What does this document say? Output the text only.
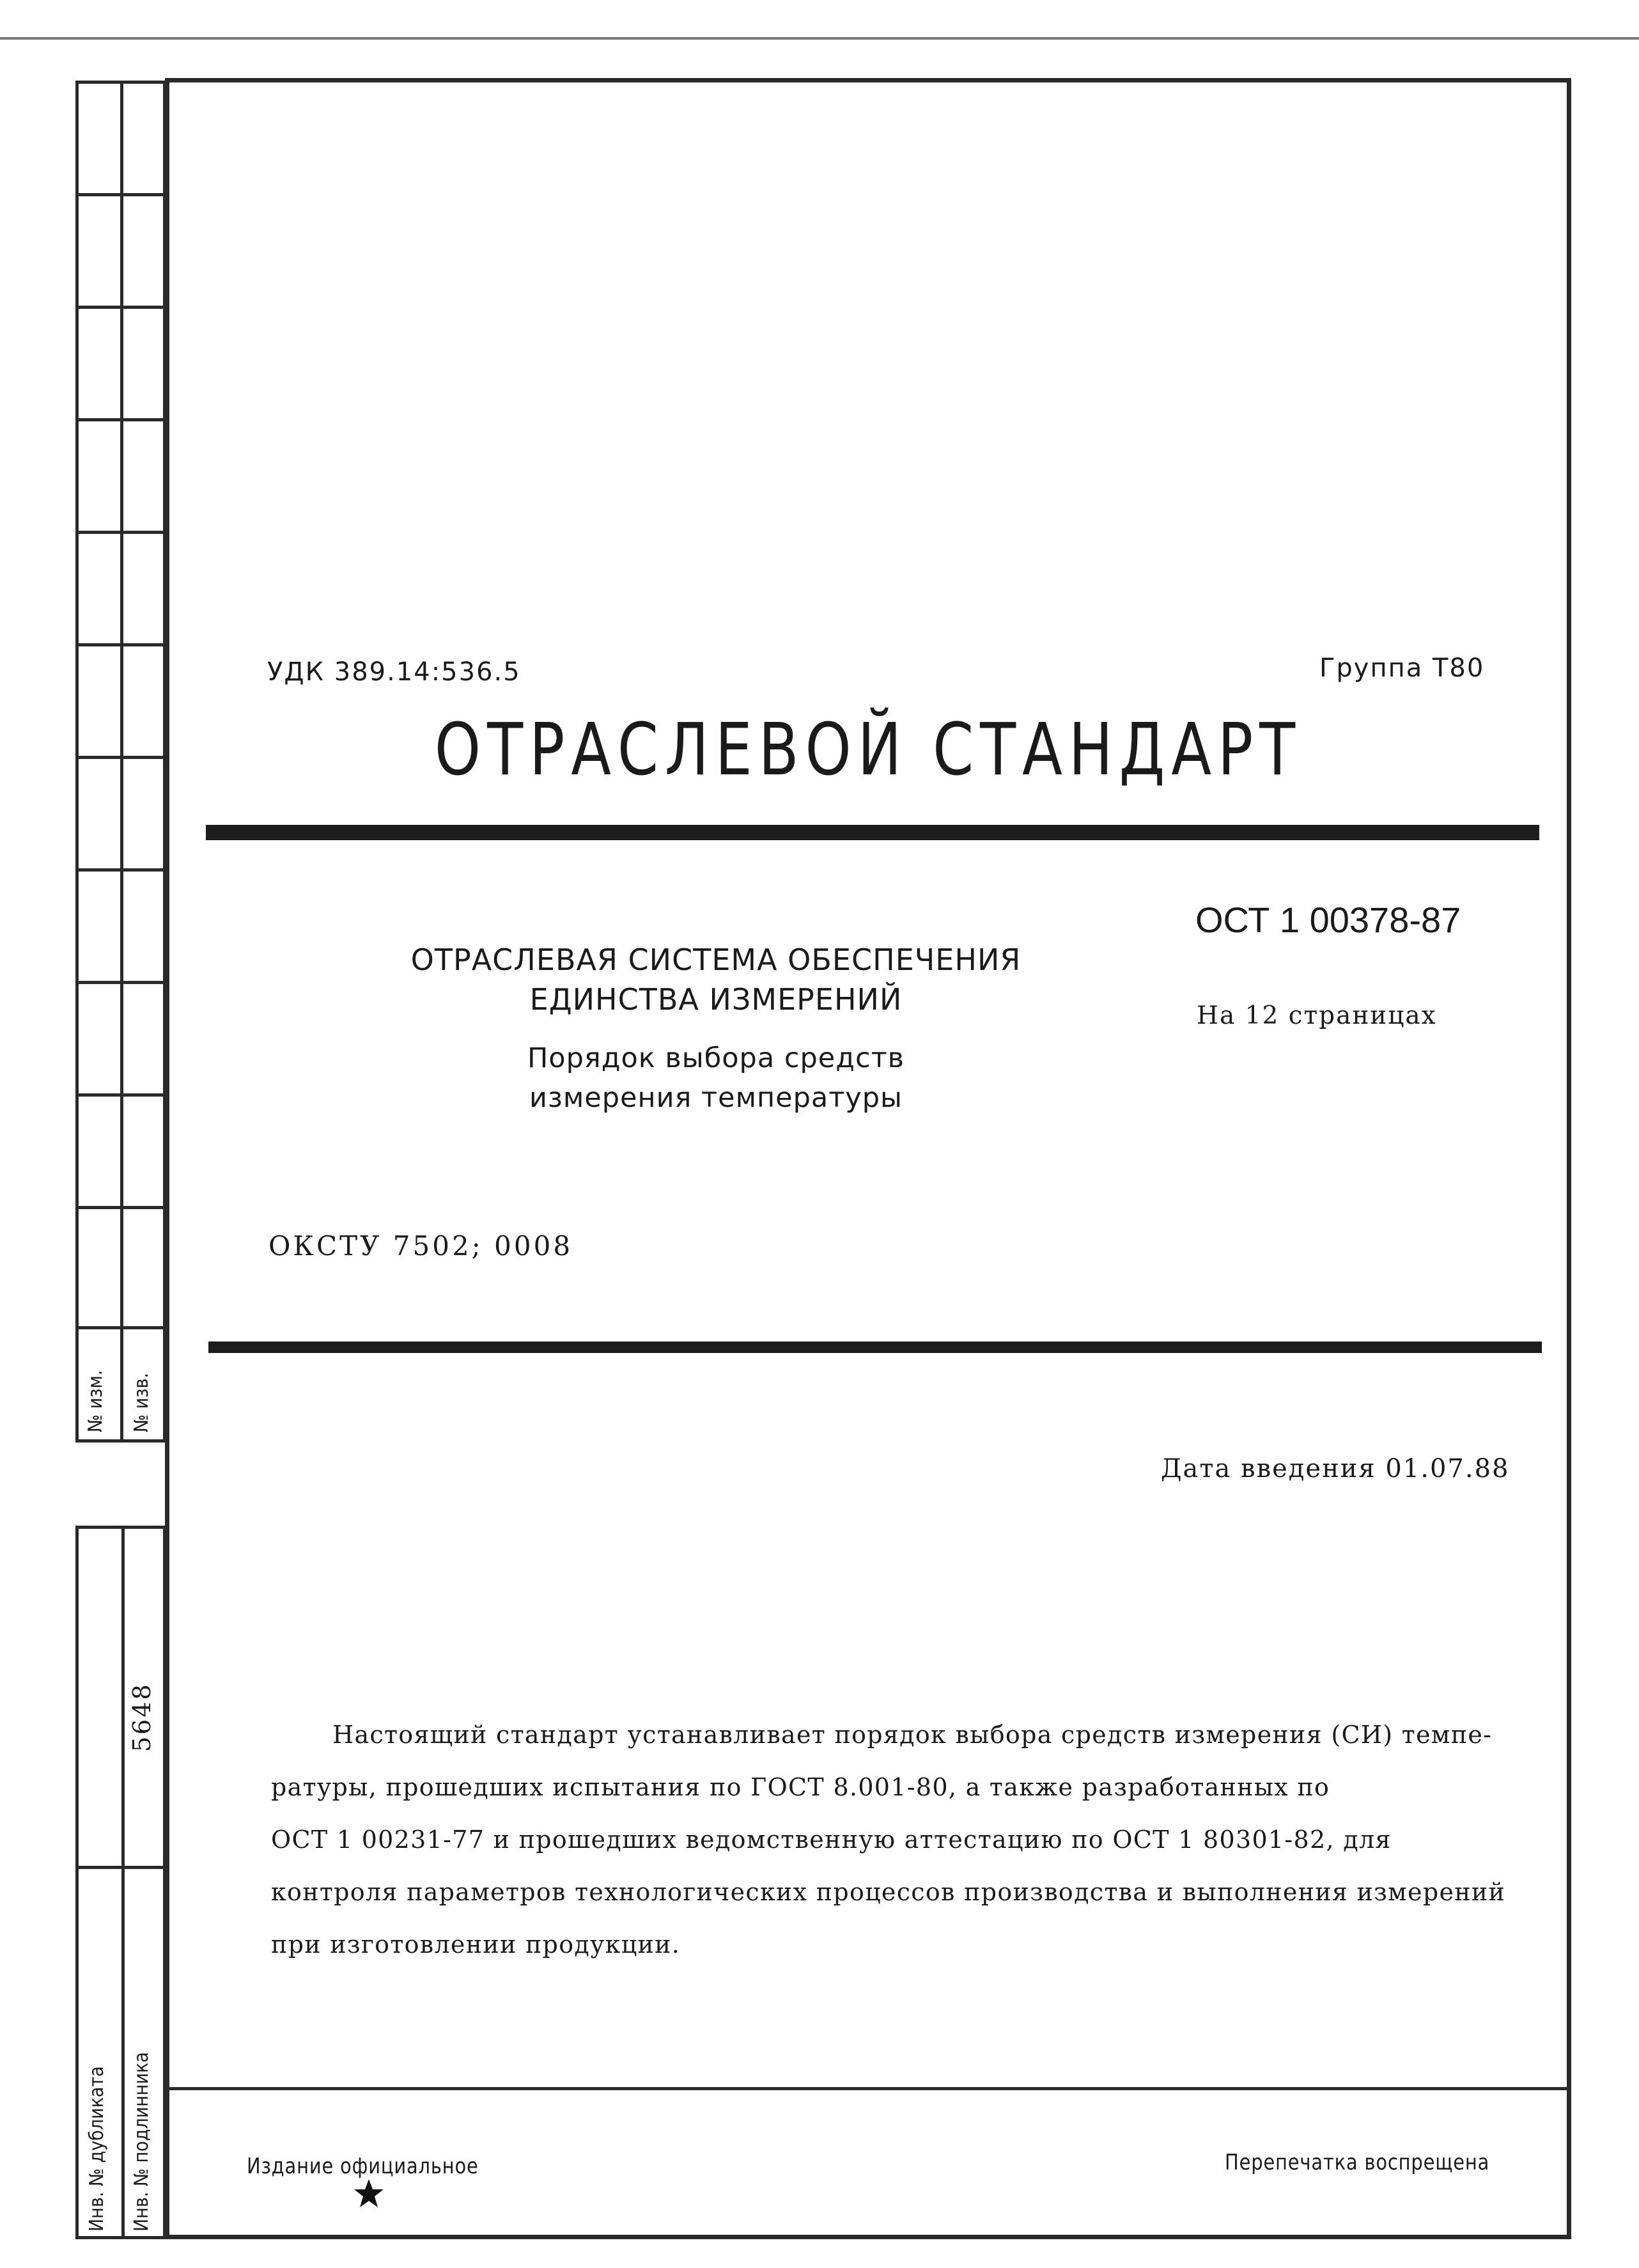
№ изм. № изв.
5648
Инв. № дубликата Инв. № подлинника
УДК 389.14:536.5	Группа Т80
ОТРАСЛЕВОЙ СТАНДАРТ
ОСТ 1 00378-87
ОТРАСЛЕВАЯ СИСТЕМА ОБЕСПЕЧЕНИЯ
ЕДИНСТВА ИЗМЕРЕНИЙ	На 12 страницах
Порядок выбора средств
измерения температуры
ОКСТУ 7502; 0008
Дата введения 01.07.88
Настоящий стандарт устанавливает порядок выбора средств измерения (СИ) темпе-
ратуры, прошедших испытания по ГОСТ 8.001-80, а также разработанных по
ОСТ 1 00231-77 и прошедших ведомственную аттестацию по ОСТ 1 80301-82, для
контроля параметров технологических процессов производства и выполнения измерений
при изготовлении продукции.
Издание официальное	Перепечатка воспрещена
